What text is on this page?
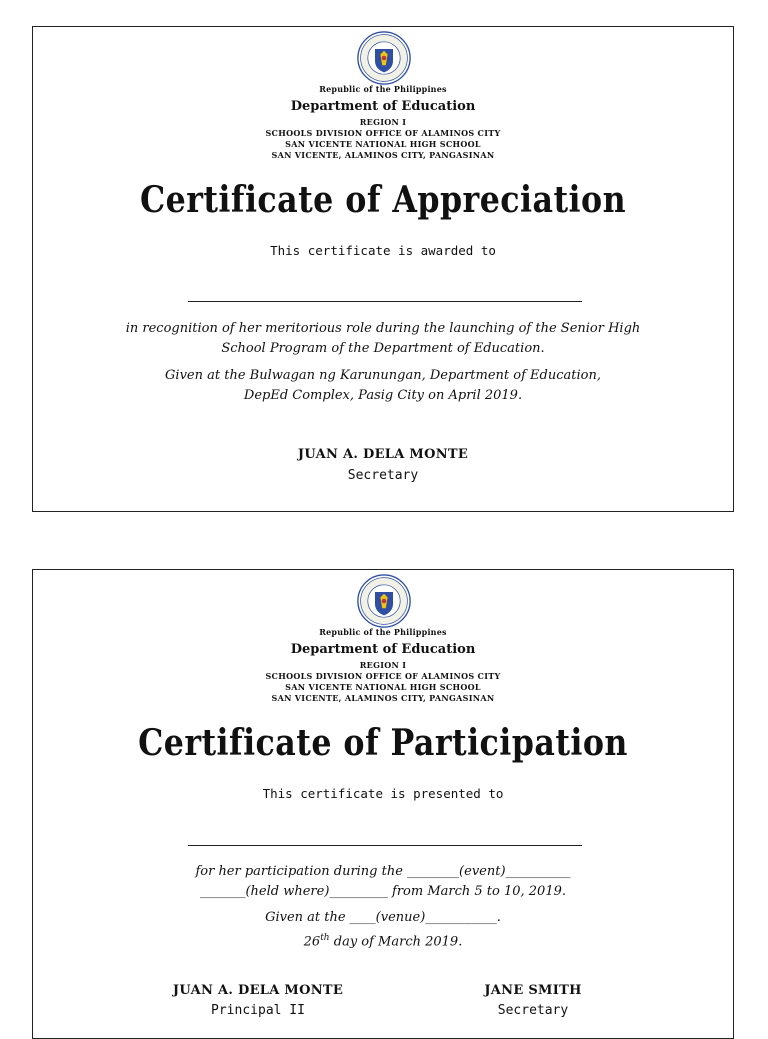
Republic of the Philippines
Department of Education
REGION I
SCHOOLS DIVISION OFFICE OF ALAMINOS CITY
SAN VICENTE NATIONAL HIGH SCHOOL
SAN VICENTE, ALAMINOS CITY, PANGASINAN
Certificate of Appreciation
This certificate is awarded to
in recognition of her meritorious role during the launching of the Senior High
School Program of the Department of Education.
Given at the Bulwagan ng Karunungan, Department of Education,
DepEd Complex, Pasig City on April 2019.
JUAN A. DELA MONTE
Secretary
Republic of the Philippines
Department of Education
REGION I
SCHOOLS DIVISION OFFICE OF ALAMINOS CITY
SAN VICENTE NATIONAL HIGH SCHOOL
SAN VICENTE, ALAMINOS CITY, PANGASINAN
Certificate of Participation
This certificate is presented to
for her participation during the ________(event)__________
_______(held where)_________ from March 5 to 10, 2019.
Given at the ____(venue)___________.
26th day of March 2019.
JUAN A. DELA MONTE
Principal II
JANE SMITH
Secretary
